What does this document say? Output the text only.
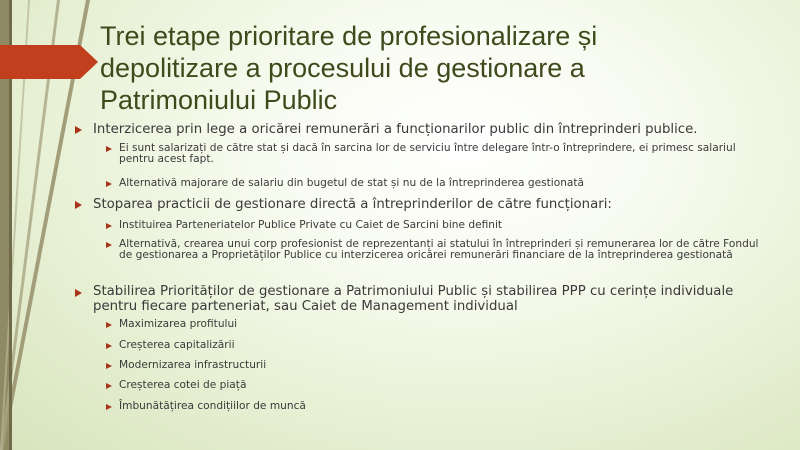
Trei etape prioritare de profesionalizare și depolitizare a procesului de gestionare a Patrimoniului Public

Interzicerea prin lege a oricărei remunerări a funcționarilor public din întreprinderi publice.

Ei sunt salarizați de către stat și dacă în sarcina lor de serviciu între delegare într-o întreprindere, ei primesc salariul pentru acest fapt.

Alternativă majorare de salariu din bugetul de stat și nu de la întreprinderea gestionată

Stoparea practicii de gestionare directă a întreprinderilor de către funcționari:

Instituirea Parteneriatelor Publice Private cu Caiet de Sarcini bine definit

Alternativă, crearea unui corp profesionist de reprezentanți ai statului în întreprinderi și remunerarea lor de către Fondul de gestionarea a Proprietăților Publice cu interzicerea oricărei remunerări financiare de la întreprinderea gestionată

Stabilirea Priorităților de gestionare a Patrimoniului Public și stabilirea PPP cu cerințe individuale pentru fiecare parteneriat, sau Caiet de Management individual

Maximizarea profitului

Creșterea capitalizării

Modernizarea infrastructurii

Creșterea cotei de piață

Îmbunătățirea condițiilor de muncă
